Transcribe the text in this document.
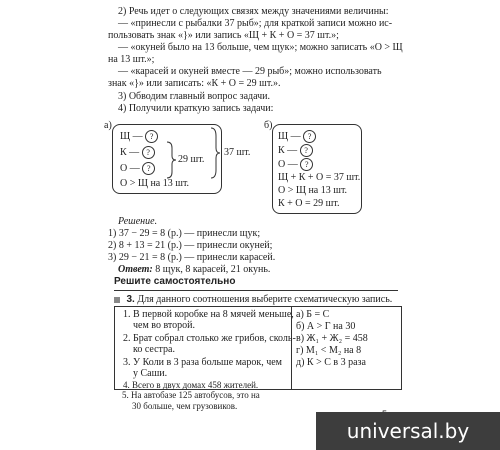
2) Речь идет о следующих связях между значениями величины:
— «принесли с рыбалки 37 рыб»; для краткой записи можно ис-
пользовать знак «}» или запись «Щ + К + О = 37 шт.»;
— «окуней было на 13 больше, чем щук»; можно записать «О > Щ
на 13 шт.»;
— «карасей и окуней вместе — 29 рыб»; можно использовать
знак «}» или записать: «К + О = 29 шт.».
3) Обводим главный вопрос задачи.
4) Получили краткую запись задачи:
а)
Щ — ?
К — ?
О — ?
29 шт.
37 шт.
О > Щ на 13 шт.
б)
Щ — ?
К — ?
О — ?
Щ + К + О = 37 шт.
О > Щ на 13 шт.
К + О = 29 шт.
Решение.
1) 37 − 29 = 8 (р.) — принесли щук;
2) 8 + 13 = 21 (р.) — принесли окуней;
3) 29 − 21 = 8 (р.) — принесли карасей.
Ответ: 8 щук, 8 карасей, 21 окунь.
Решите самостоятельно
3. Для данного соотношения выберите схематическую запись.
1. В первой коробке на 8 мячей меньше,
чем во второй.
2. Брат собрал столько же грибов, сколь-
ко сестра.
3. У Коли в 3 раза больше марок, чем
у Саши.
4. Всего в двух домах 458 жителей.
а) Б = С
б) А > Г на 30
в) Ж₁ + Ж₂ = 458
г) М₁ < М₂ на 8
д) К > С в 3 раза
5. На автобазе 125 автобусов, это на
30 больше, чем грузовиков.
universal.by
